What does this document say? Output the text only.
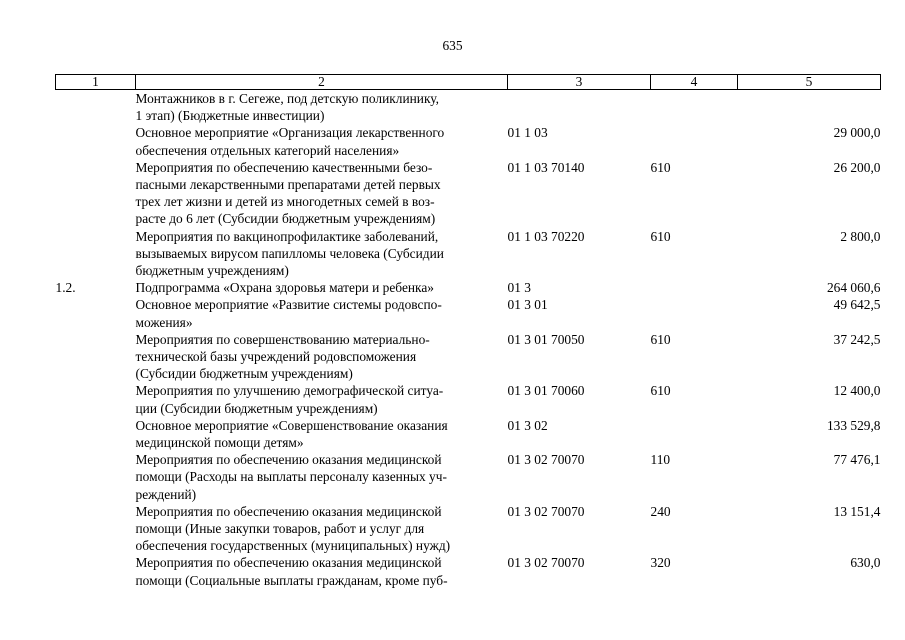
635
1	2	3	4	5

	Монтажников в г. Сегеже, под детскую поликлинику,
1 этап) (Бюджетные инвестиции)			

	Основное мероприятие «Организация лекарственного
обеспечения отдельных категорий населения»	01 1 03		29 000,0

	Мероприятия по обеспечению качественными безо-
пасными лекарственными препаратами детей первых
трех лет жизни и детей из многодетных семей в воз-
расте до 6 лет (Субсидии бюджетным учреждениям)	01 1 03 70140	610	26 200,0

	Мероприятия по вакцинопрофилактике заболеваний,
вызываемых вирусом папилломы человека (Субсидии
бюджетным учреждениям)	01 1 03 70220	610	2 800,0
1.2.	Подпрограмма «Охрана здоровья матери и ребенка»	01 3		264 060,6

	Основное мероприятие «Развитие системы родовспо-
можения»	01 3 01		49 642,5

	Мероприятия по совершенствованию материально-
технической базы учреждений родовспоможения
(Субсидии бюджетным учреждениям)	01 3 01 70050	610	37 242,5

	Мероприятия по улучшению демографической ситуа-
ции (Субсидии бюджетным учреждениям)	01 3 01 70060	610	12 400,0

	Основное мероприятие «Совершенствование оказания
медицинской помощи детям»	01 3 02		133 529,8

	Мероприятия по обеспечению оказания медицинской
помощи (Расходы на выплаты персоналу казенных уч-
реждений)	01 3 02 70070	110	77 476,1

	Мероприятия по обеспечению оказания медицинской
помощи (Иные закупки товаров, работ и услуг для
обеспечения государственных (муниципальных) нужд)	01 3 02 70070	240	13 151,4

	Мероприятия по обеспечению оказания медицинской
помощи (Социальные выплаты гражданам, кроме пуб-	01 3 02 70070	320	630,0
